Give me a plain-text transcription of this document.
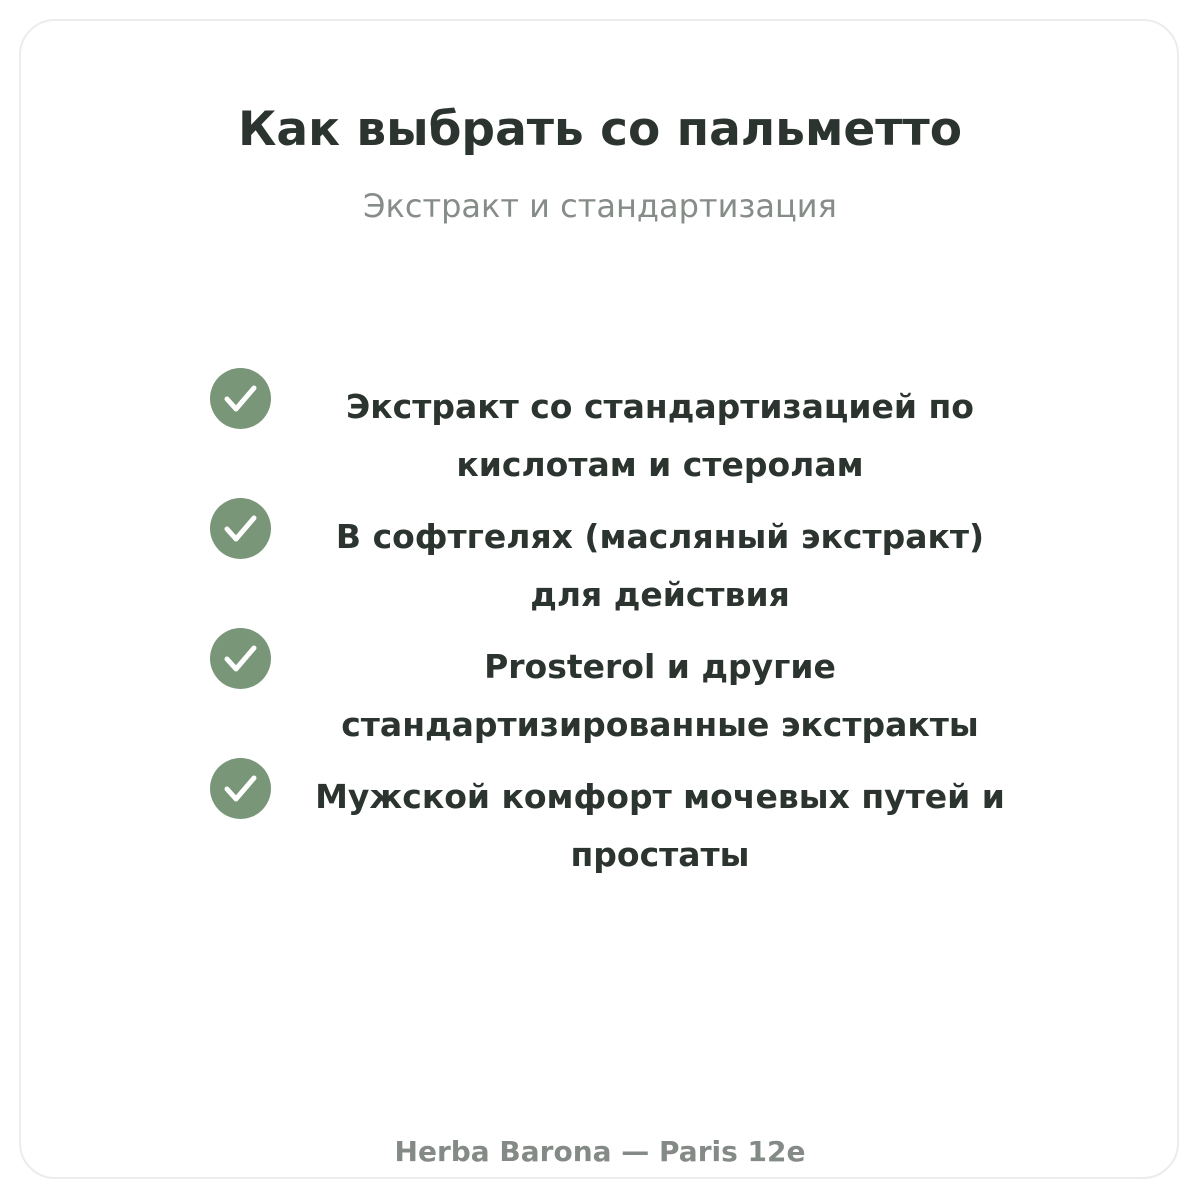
Как выбрать со пальметто
Экстракт и стандартизация
Экстракт со стандартизацией по кислотам и стеролам
В софтгелях (масляный экстракт) для действия
Prosterol и другие стандартизированные экстракты
Мужской комфорт мочевых путей и простаты
Herba Barona — Paris 12e
